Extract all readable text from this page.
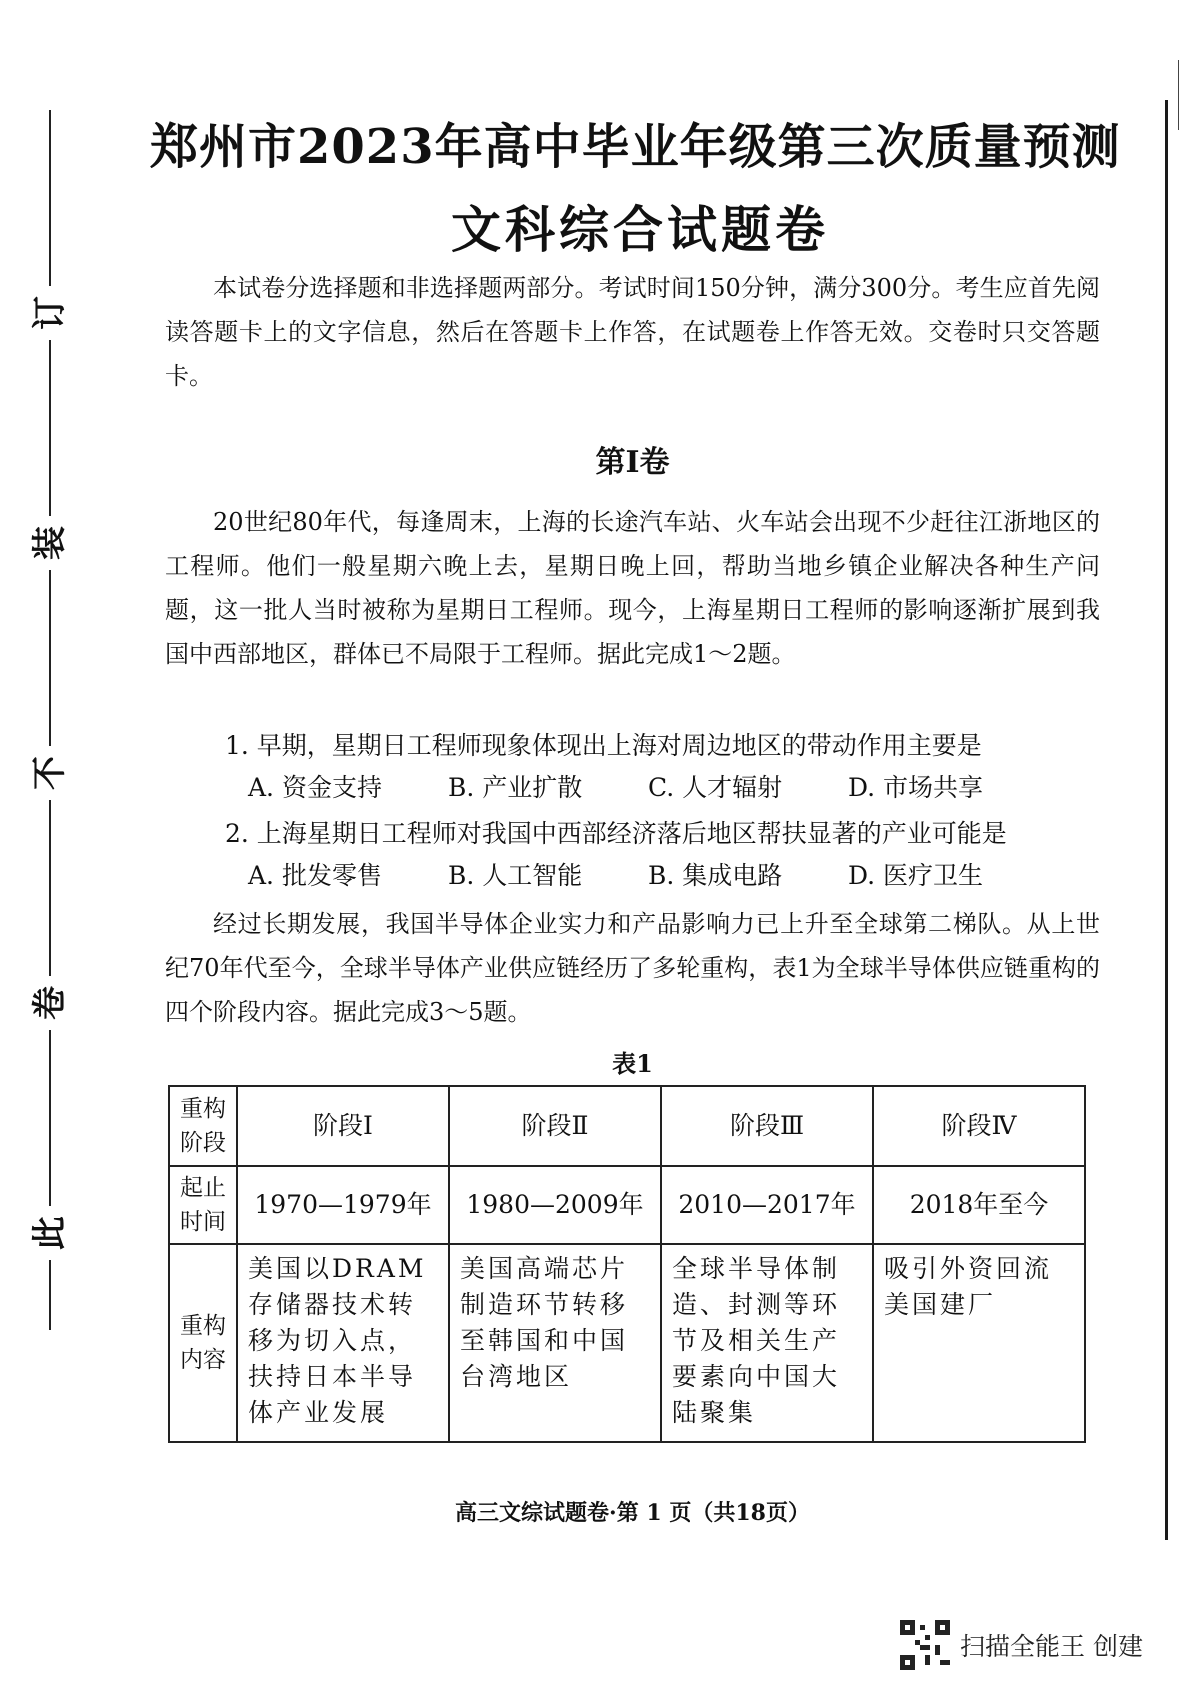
订
装
不
卷
此
郑州市2023年高中毕业年级第三次质量预测
文科综合试题卷
本试卷分选择题和非选择题两部分。考试时间150分钟，满分300分。考生应首先阅读答题卡上的文字信息，然后在答题卡上作答，在试题卷上作答无效。交卷时只交答题卡。
第Ⅰ卷
20世纪80年代，每逢周末，上海的长途汽车站、火车站会出现不少赶往江浙地区的工程师。他们一般星期六晚上去，星期日晚上回，帮助当地乡镇企业解决各种生产问题，这一批人当时被称为星期日工程师。现今，上海星期日工程师的影响逐渐扩展到我国中西部地区，群体已不局限于工程师。据此完成1～2题。
1. 早期，星期日工程师现象体现出上海对周边地区的带动作用主要是
A. 资金支持	B. 产业扩散	C. 人才辐射	D. 市场共享
2. 上海星期日工程师对我国中西部经济落后地区帮扶显著的产业可能是
A. 批发零售	B. 人工智能	B. 集成电路	D. 医疗卫生
经过长期发展，我国半导体企业实力和产品影响力已上升至全球第二梯队。从上世纪70年代至今，全球半导体产业供应链经历了多轮重构，表1为全球半导体供应链重构的四个阶段内容。据此完成3～5题。
表1
重构阶段	阶段Ⅰ	阶段Ⅱ	阶段Ⅲ	阶段Ⅳ
起止时间	1970—1979年	1980—2009年	2010—2017年	2018年至今
重构内容	美国以DRAM存储器技术转移为切入点，扶持日本半导体产业发展	美国高端芯片制造环节转移至韩国和中国台湾地区	全球半导体制造、封测等环节及相关生产要素向中国大陆聚集	吸引外资回流美国建厂
高三文综试题卷·第 1 页（共18页）
扫描全能王 创建
